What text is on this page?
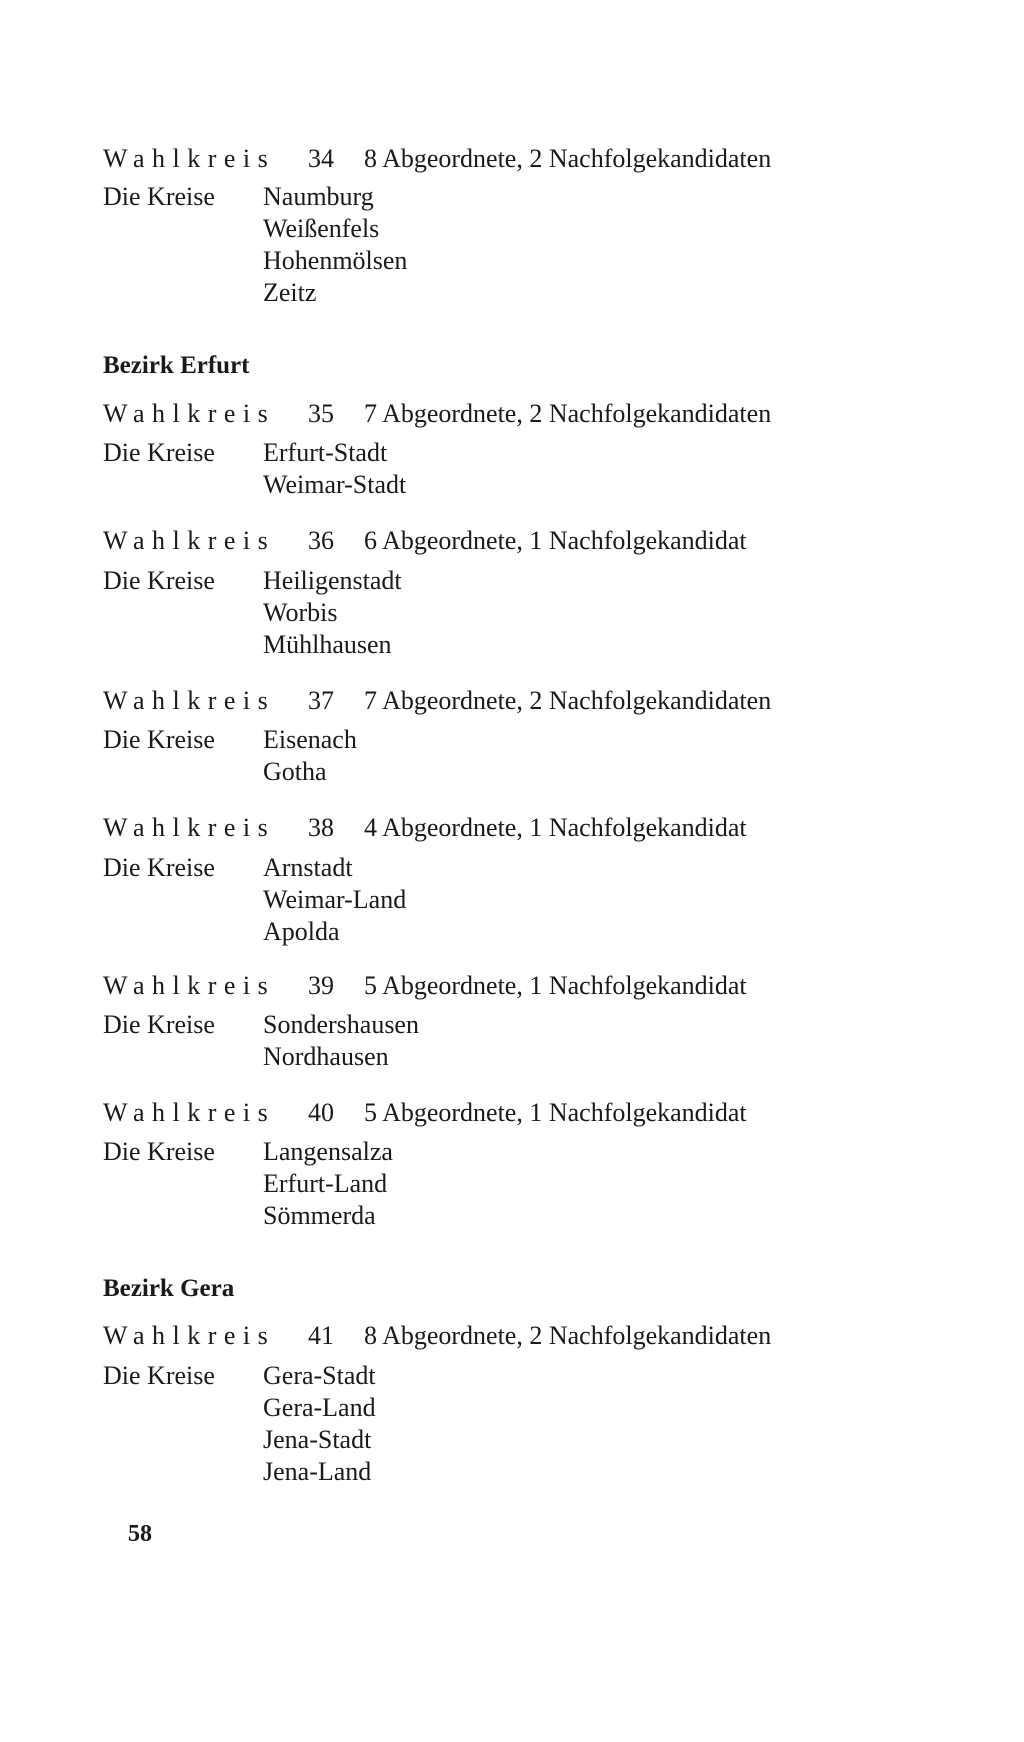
Wahlkreis 34 8 Abgeordnete, 2 Nachfolgekandidaten
Die Kreise Naumburg
Weißenfels
Hohenmölsen
Zeitz
Bezirk Erfurt
Wahlkreis 35 7 Abgeordnete, 2 Nachfolgekandidaten
Die Kreise Erfurt-Stadt
Weimar-Stadt
Wahlkreis 36 6 Abgeordnete, 1 Nachfolgekandidat
Die Kreise Heiligenstadt
Worbis
Mühlhausen
Wahlkreis 37 7 Abgeordnete, 2 Nachfolgekandidaten
Die Kreise Eisenach
Gotha
Wahlkreis 38 4 Abgeordnete, 1 Nachfolgekandidat
Die Kreise Arnstadt
Weimar-Land
Apolda
Wahlkreis 39 5 Abgeordnete, 1 Nachfolgekandidat
Die Kreise Sondershausen
Nordhausen
Wahlkreis 40 5 Abgeordnete, 1 Nachfolgekandidat
Die Kreise Langensalza
Erfurt-Land
Sömmerda
Bezirk Gera
Wahlkreis 41 8 Abgeordnete, 2 Nachfolgekandidaten
Die Kreise Gera-Stadt
Gera-Land
Jena-Stadt
Jena-Land
58
